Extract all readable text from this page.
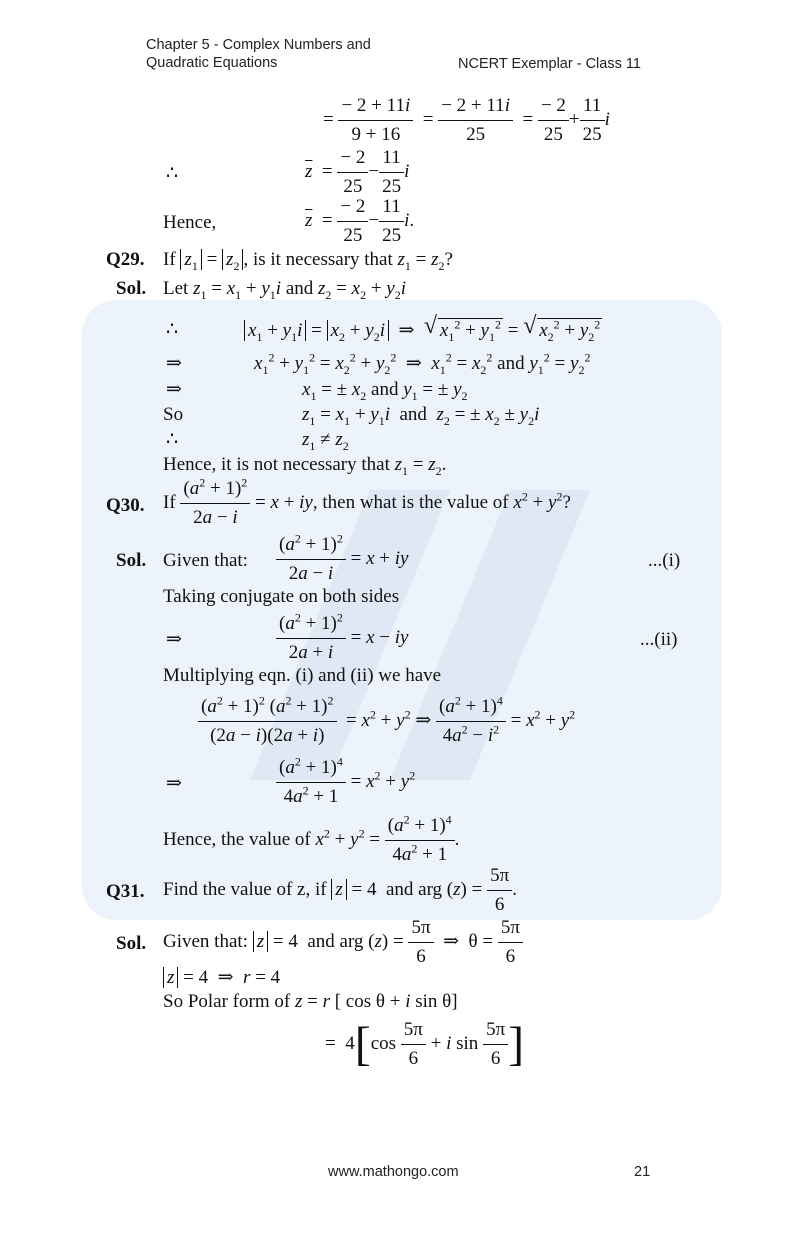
Chapter 5 - Complex Numbers and
Quadratic Equations	NCERT Exemplar - Class 11
= $\frac{- 2 + 11i}{9 + 16} = \frac{- 2 + 11i}{25} = \frac{- 2}{25} + \frac{11}{25}$ i
∴	$\overline{z} = \frac{- 2}{25} - \frac{11}{25}$ i
Hence,	$\overline{z} = \frac{- 2}{25} - \frac{11}{25} i$.
Q29. If $z_1 = z_2$ , is it necessary that $z_1 = z_2$?
Sol. Let $z_1 = x_1 + y_1i$ and $z_2 = x_2 + y_2i$
∴	$x_1 + y_1i = x_2 + y_2i$  ⇒ √ $x_1^2 + y_1^2$ = √ $x_2^2 + y_2^2$
⇒	$x_1^2 + y_1^2 = x_2^2 + y_2^2$  ⇒  $x_1^2 = x_2^2$ and $y_1^2 = y_2^2$
⇒	$x_1$ = ± $x_2$ and $y_1$ = ± $y_2$
So	$z_1 = x_1 + y_1i$ and $z_2$ = ± $x_2 \pm y_2i$
∴	$z_1 \ne z_2$
Hence, it is not necessary that $z_1 = z_2$.
Q30. If $\frac{(a^2 + 1)^2}{2a - i} = x$ + iy, then what is the value of $x^2 + y^2$?
Sol. Given that: $\frac{(a^2 + 1)^2}{2a - i} = x$ + iy	...(i)
Taking conjugate on both sides
⇒	$\frac{(a^2 + 1)^2}{2a + i} = x$ − iy	...(ii)
Multiplying eqn. (i) and (ii) we have
$\frac{(a^2 + 1)^2 (a^2 + 1)^2}{(2a - i)(2a + i)} = x^2 + y^2$ ⇒ $\frac{(a^2 + 1)^4}{4a^2 - i^2} = x^2 + y^2$
⇒	$\frac{(a^2 + 1)^4}{4a^2 + 1} = x^2 + y^2$
Hence, the value of $x^2 + y^2 = \frac{(a^2 + 1)^4}{4a^2 + 1}$ .
Q31. Find the value of z, if z = 4  and arg $(z) = \frac{5\pi}{6}$ .
Sol. Given that: z = 4  and arg $(z) = \frac{5\pi}{6}$ ⇒  $\theta = \frac{5\pi}{6}$
z = 4  ⇒  r = 4
So Polar form of z = r [ cos θ + i sin θ]
=  $4[\cos \frac{5\pi}{6} + i$ $\sin \frac{5\pi}{6}$ ]
www.mathongo.com	21
